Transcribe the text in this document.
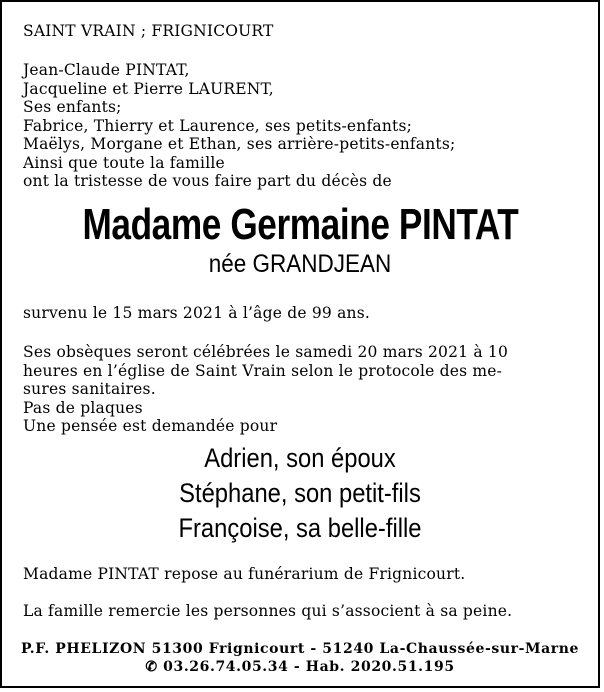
SAINT VRAIN ; FRIGNICOURT
Jean-Claude PINTAT,
Jacqueline et Pierre LAURENT,
Ses enfants;
Fabrice, Thierry et Laurence, ses petits-enfants;
Maëlys, Morgane et Ethan, ses arrière-petits-enfants;
Ainsi que toute la famille
ont la tristesse de vous faire part du décès de
Madame Germaine PINTAT
née GRANDJEAN
survenu le 15 mars 2021 à l’âge de 99 ans.
Ses obsèques seront célébrées le samedi 20 mars 2021 à 10
heures en l’église de Saint Vrain selon le protocole des me-
sures sanitaires.
Pas de plaques
Une pensée est demandée pour
Adrien, son époux
Stéphane, son petit-fils
Françoise, sa belle-fille
Madame PINTAT repose au funérarium de Frignicourt.
La famille remercie les personnes qui s’associent à sa peine.
P.F. PHELIZON 51300 Frignicourt - 51240 La-Chaussée-sur-Marne
✆ 03.26.74.05.34 - Hab. 2020.51.195
